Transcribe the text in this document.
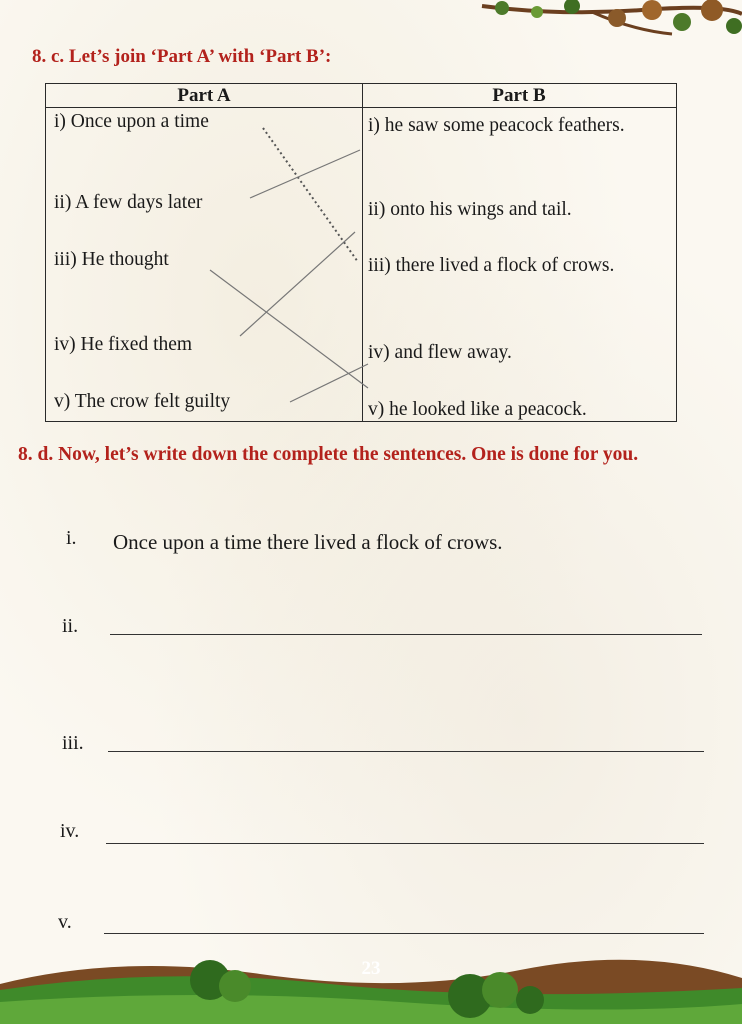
8. c. Let’s join ‘Part A’ with ‘Part B’:
Part A	Part B
i) Once upon a time
ii) A few days later
iii) He thought
iv) He fixed them
v) The crow felt guilty
i) he saw some peacock feathers.
ii) onto his wings and tail.
iii) there lived a flock of crows.
iv) and flew away.
v) he looked like a peacock.
8. d. Now, let’s write down the complete the sentences. One is done for you.
i. Once upon a time there lived a flock of crows.
ii.
iii.
iv.
v.
23
